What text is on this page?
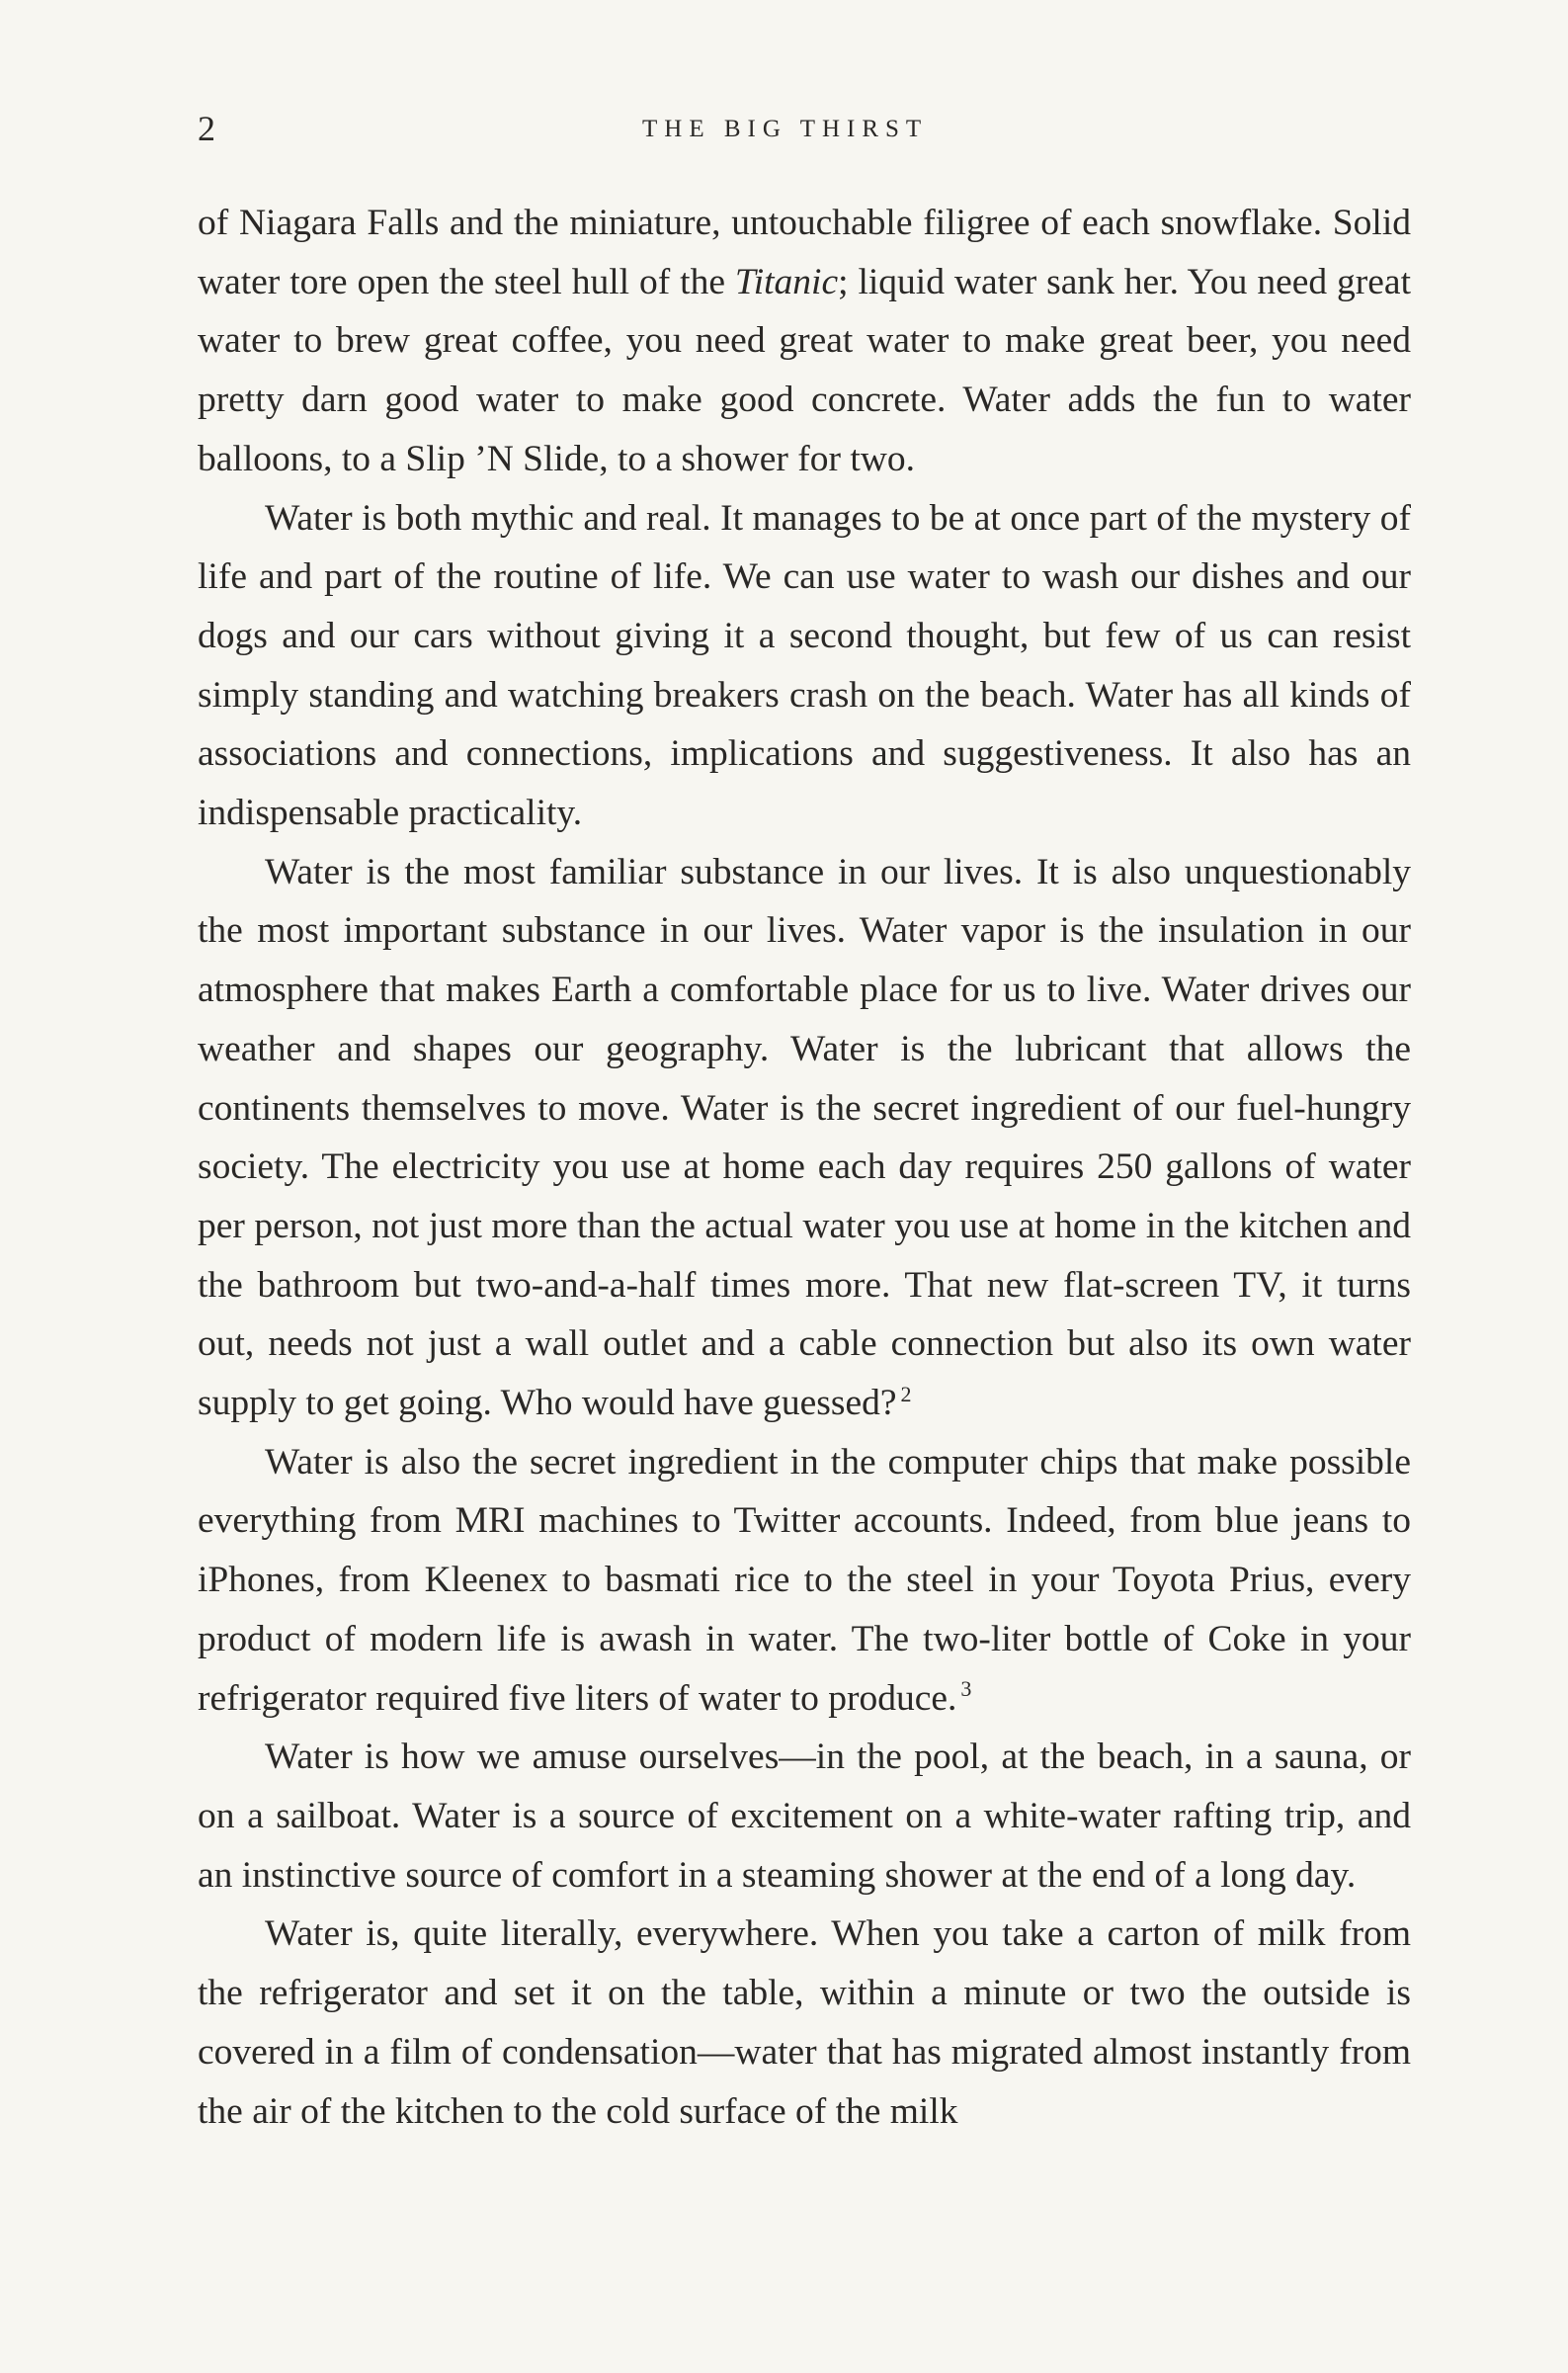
2	THE BIG THIRST

of Niagara Falls and the miniature, untouchable filigree of each snowflake. Solid water tore open the steel hull of the Titanic; liquid water sank her. You need great water to brew great coffee, you need great water to make great beer, you need pretty darn good water to make good concrete. Water adds the fun to water balloons, to a Slip ’N Slide, to a shower for two.

Water is both mythic and real. It manages to be at once part of the mystery of life and part of the routine of life. We can use water to wash our dishes and our dogs and our cars without giving it a second thought, but few of us can resist simply standing and watching breakers crash on the beach. Water has all kinds of associations and connections, implications and suggestiveness. It also has an indispensable practicality.

Water is the most familiar substance in our lives. It is also unquestionably the most important substance in our lives. Water vapor is the insulation in our atmosphere that makes Earth a comfortable place for us to live. Water drives our weather and shapes our geography. Water is the lubricant that allows the continents themselves to move. Water is the secret ingredient of our fuel-hungry society. The electricity you use at home each day requires 250 gallons of water per person, not just more than the actual water you use at home in the kitchen and the bathroom but two-and-a-half times more. That new flat-screen TV, it turns out, needs not just a wall outlet and a cable connection but also its own water supply to get going. Who would have guessed? $^2$

Water is also the secret ingredient in the computer chips that make possible everything from MRI machines to Twitter accounts. Indeed, from blue jeans to iPhones, from Kleenex to basmati rice to the steel in your Toyota Prius, every product of modern life is awash in water. The two-liter bottle of Coke in your refrigerator required five liters of water to produce. $^3$

Water is how we amuse ourselves—in the pool, at the beach, in a sauna, or on a sailboat. Water is a source of excitement on a white-water rafting trip, and an instinctive source of comfort in a steaming shower at the end of a long day.

Water is, quite literally, everywhere. When you take a carton of milk from the refrigerator and set it on the table, within a minute or two the outside is covered in a film of condensation—water that has migrated almost instantly from the air of the kitchen to the cold surface of the milk
